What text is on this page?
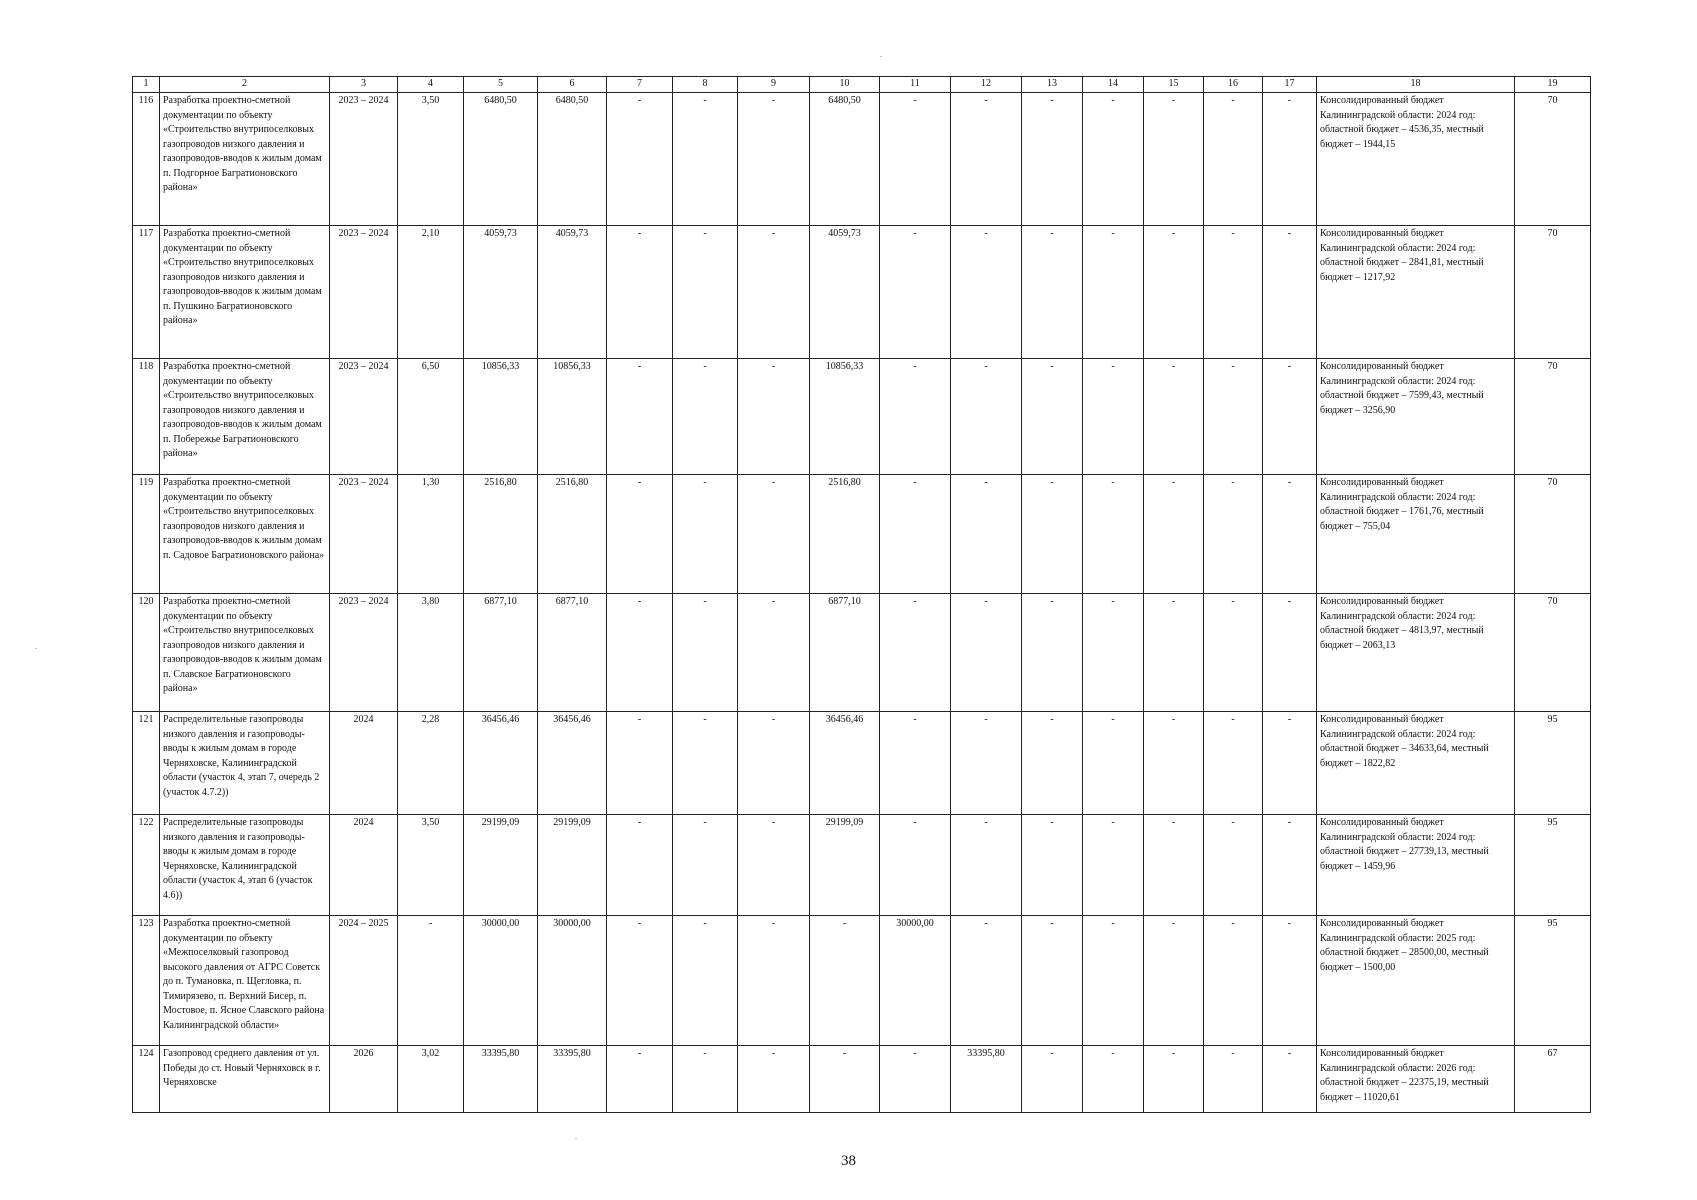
1	2	3	4	5	6	7	8	9	10	11	12	13	14	15	16	17	18	19
116	Разработка проектно-сметной документации по объекту «Строительство внутрипоселковых газопроводов низкого давления и газопроводов-вводов к жилым домам п. Подгорное Багратионовского района»	2023 – 2024	3,50	6480,50	6480,50	-	-	-	6480,50	-	-	-	-	-	-	-	Консолидированный бюджет Калининградской области: 2024 год: областной бюджет – 4536,35, местный бюджет – 1944,15	70
117	Разработка проектно-сметной документации по объекту «Строительство внутрипоселковых газопроводов низкого давления и газопроводов-вводов к жилым домам п. Пушкино Багратионовского района»	2023 – 2024	2,10	4059,73	4059,73	-	-	-	4059,73	-	-	-	-	-	-	-	Консолидированный бюджет Калининградской области: 2024 год: областной бюджет – 2841,81, местный бюджет – 1217,92	70
118	Разработка проектно-сметной документации по объекту «Строительство внутрипоселковых газопроводов низкого давления и газопроводов-вводов к жилым домам п. Побережье Багратионовского района»	2023 – 2024	6,50	10856,33	10856,33	-	-	-	10856,33	-	-	-	-	-	-	-	Консолидированный бюджет Калининградской области: 2024 год: областной бюджет – 7599,43, местный бюджет – 3256,90	70
119	Разработка проектно-сметной документации по объекту «Строительство внутрипоселковых газопроводов низкого давления и газопроводов-вводов к жилым домам п. Садовое Багратионовского района»	2023 – 2024	1,30	2516,80	2516,80	-	-	-	2516,80	-	-	-	-	-	-	-	Консолидированный бюджет Калининградской области: 2024 год: областной бюджет – 1761,76, местный бюджет – 755,04	70
120	Разработка проектно-сметной документации по объекту «Строительство внутрипоселковых газопроводов низкого давления и газопроводов-вводов к жилым домам п. Славское Багратионовского района»	2023 – 2024	3,80	6877,10	6877,10	-	-	-	6877,10	-	-	-	-	-	-	-	Консолидированный бюджет Калининградской области: 2024 год: областной бюджет – 4813,97, местный бюджет – 2063,13	70
121	Распределительные газопроводы низкого давления и газопроводы-вводы к жилым домам в городе Черняховске, Калининградской области (участок 4, этап 7, очередь 2 (участок 4.7.2))	2024	2,28	36456,46	36456,46	-	-	-	36456,46	-	-	-	-	-	-	-	Консолидированный бюджет Калининградской области: 2024 год: областной бюджет – 34633,64, местный бюджет – 1822,82	95
122	Распределительные газопроводы низкого давления и газопроводы-вводы к жилым домам в городе Черняховске, Калининградской области (участок 4, этап 6 (участок 4.6))	2024	3,50	29199,09	29199,09	-	-	-	29199,09	-	-	-	-	-	-	-	Консолидированный бюджет Калининградской области: 2024 год: областной бюджет – 27739,13, местный бюджет – 1459,96	95
123	Разработка проектно-сметной документации по объекту «Межпоселковый газопровод высокого давления от АГРС Советск до п. Тумановка, п. Щегловка, п. Тимирязево, п. Верхний Бисер, п. Мостовое, п. Ясное Славского района Калининградской области»	2024 – 2025	-	30000,00	30000,00	-	-	-	-	30000,00	-	-	-	-	-	-	Консолидированный бюджет Калининградской области: 2025 год: областной бюджет – 28500,00, местный бюджет – 1500,00	95
124	Газопровод среднего давления от ул. Победы до ст. Новый Черняховск в г. Черняховске	2026	3,02	33395,80	33395,80	-	-	-	-	-	33395,80	-	-	-	-	-	Консолидированный бюджет Калининградской области: 2026 год: областной бюджет – 22375,19, местный бюджет – 11020,61	67
38
